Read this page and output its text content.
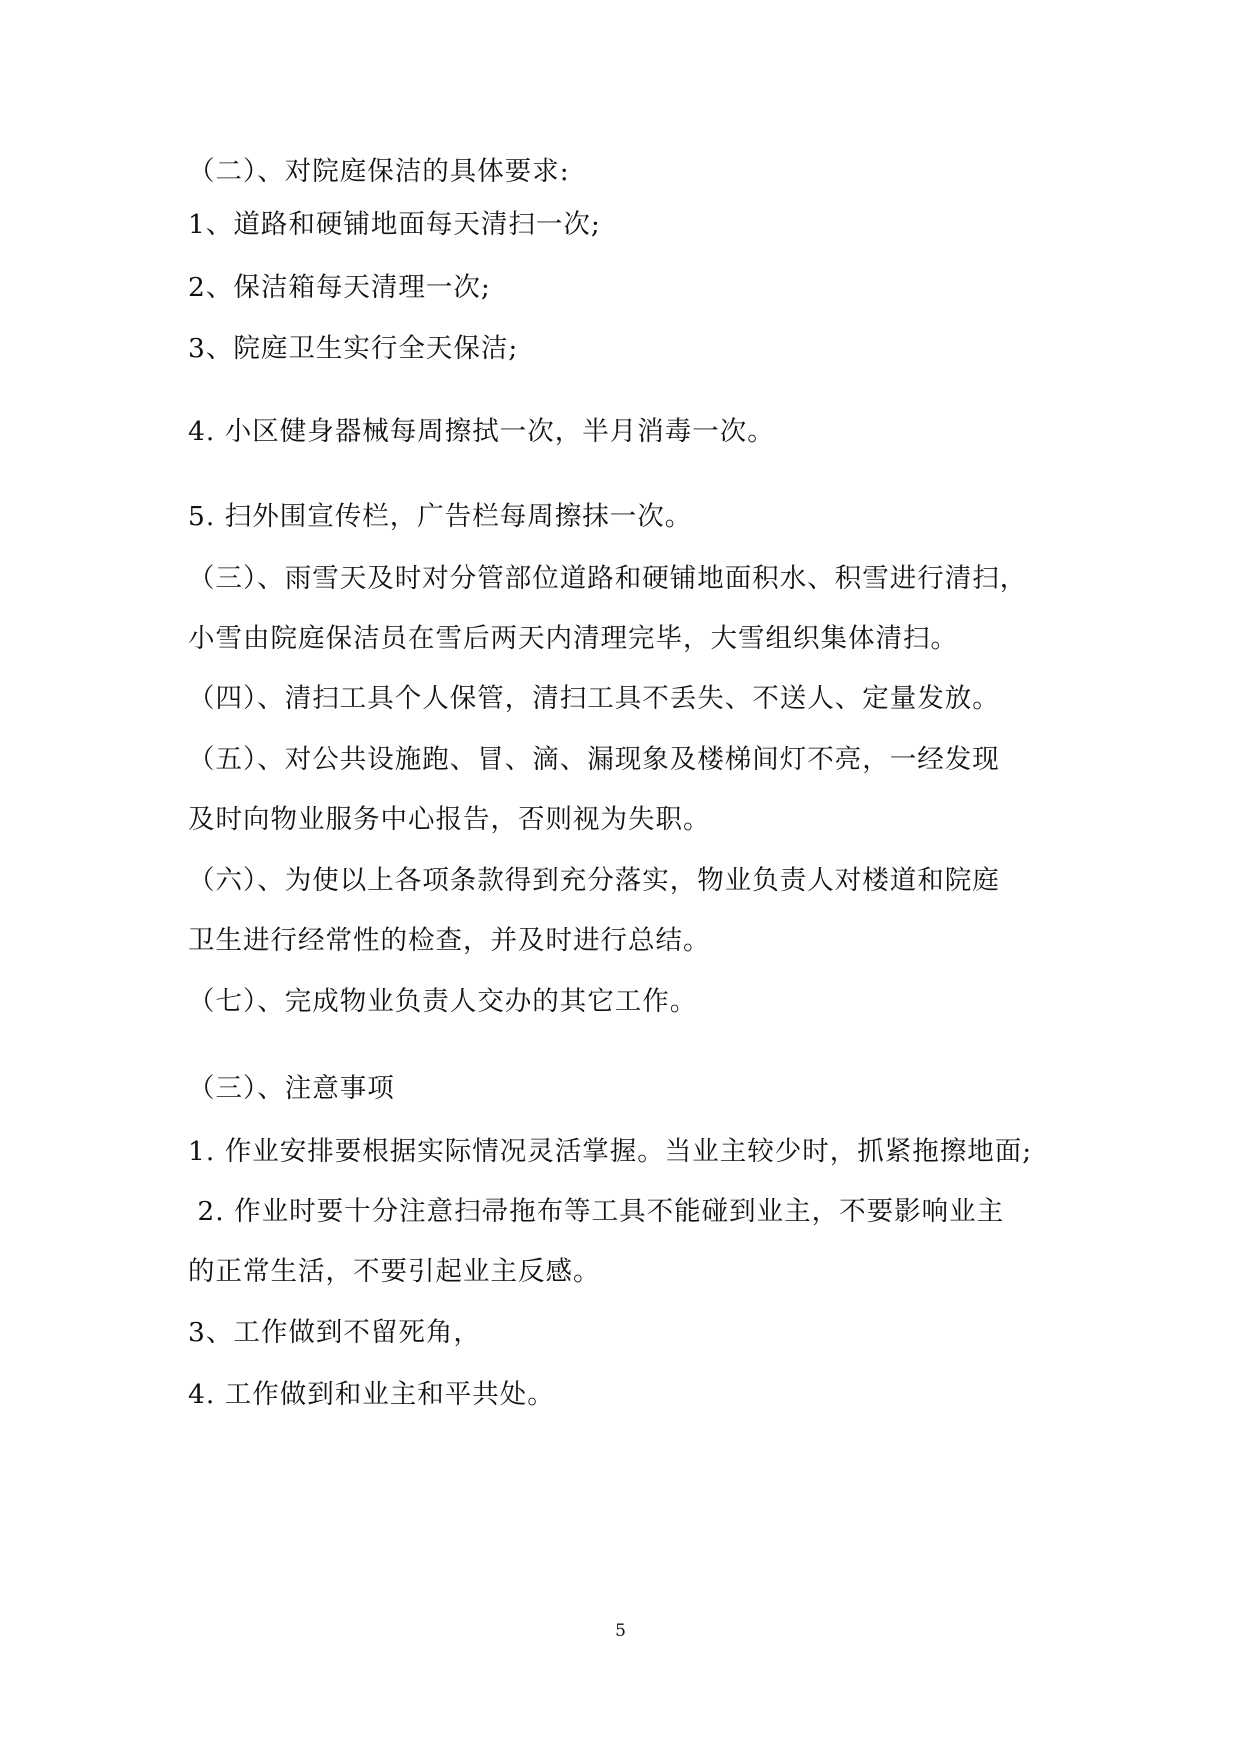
（二）、对院庭保洁的具体要求:
1、道路和硬铺地面每天清扫一次;
2、保洁箱每天清理一次;
3、院庭卫生实行全天保洁;
4. 小区健身器械每周擦拭一次，半月消毒一次。
5. 扫外围宣传栏，广告栏每周擦抹一次。
（三）、雨雪天及时对分管部位道路和硬铺地面积水、积雪进行清扫，
小雪由院庭保洁员在雪后两天内清理完毕，大雪组织集体清扫。
（四）、清扫工具个人保管，清扫工具不丢失、不送人、定量发放。
（五）、对公共设施跑、冒、滴、漏现象及楼梯间灯不亮，一经发现
及时向物业服务中心报告，否则视为失职。
（六）、为使以上各项条款得到充分落实，物业负责人对楼道和院庭
卫生进行经常性的检查，并及时进行总结。
（七）、完成物业负责人交办的其它工作。
（三）、注意事项
1. 作业安排要根据实际情况灵活掌握。当业主较少时，抓紧拖擦地面;
2. 作业时要十分注意扫帚拖布等工具不能碰到业主，不要影响业主
的正常生活，不要引起业主反感。
3、工作做到不留死角，
4. 工作做到和业主和平共处。
5
